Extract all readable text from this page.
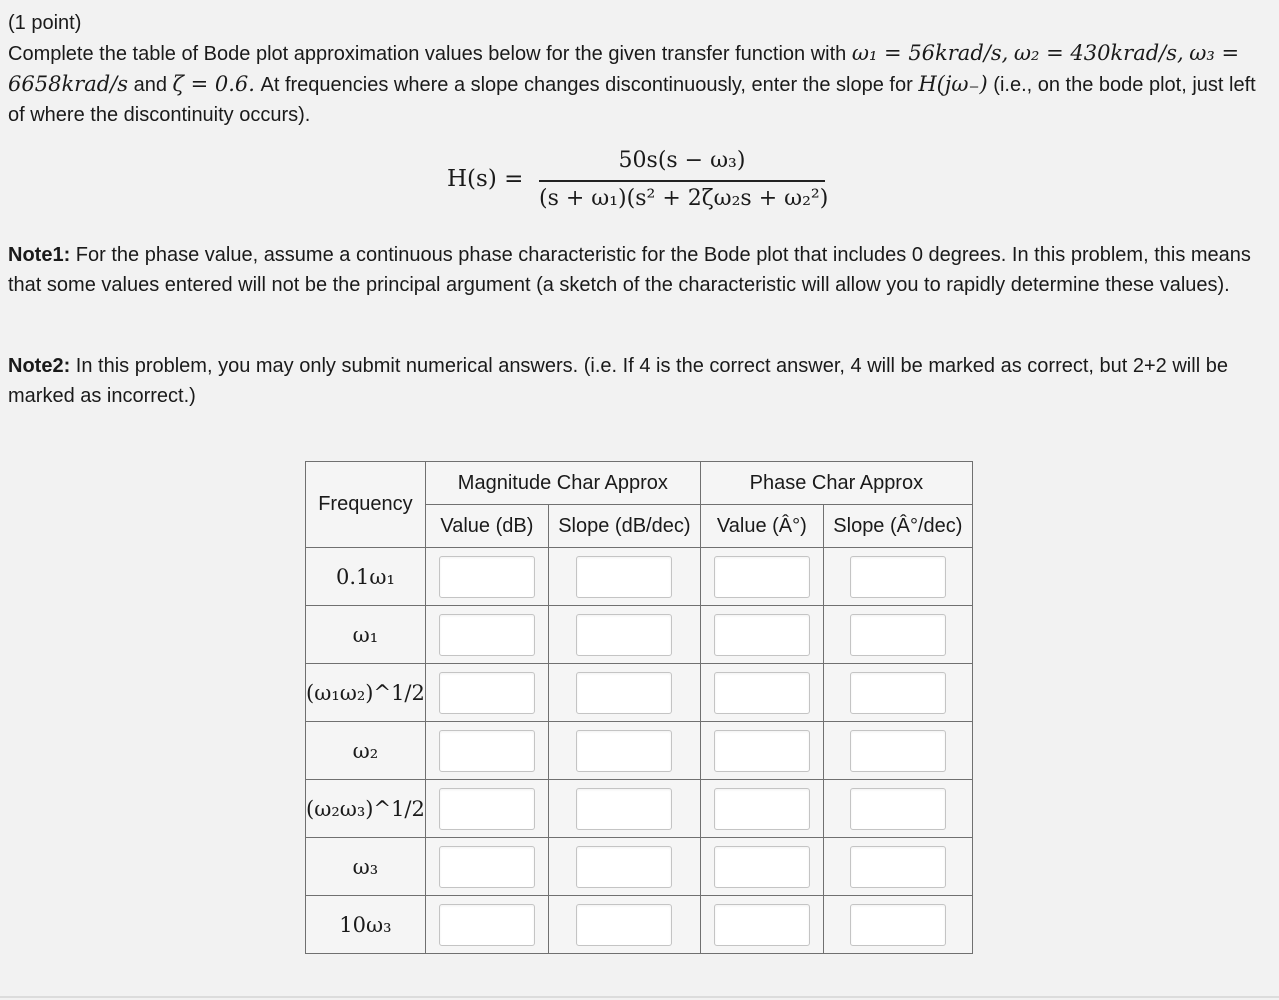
(1 point)
Complete the table of Bode plot approximation values below for the given transfer function with ω₁ = 56krad/s, ω₂ = 430krad/s, ω₃ = 6658krad/s and ζ = 0.6. At frequencies where a slope changes discontinuously, enter the slope for H(jω₋) (i.e., on the bode plot, just left of where the discontinuity occurs).
H(s) =
50s(s − ω₃)
(s + ω₁)(s² + 2ζω₂s + ω₂²)
Note1: For the phase value, assume a continuous phase characteristic for the Bode plot that includes 0 degrees. In this problem, this means that some values entered will not be the principal argument (a sketch of the characteristic will allow you to rapidly determine these values).
Note2: In this problem, you may only submit numerical answers. (i.e. If 4 is the correct answer, 4 will be marked as correct, but 2+2 will be marked as incorrect.)
Frequency	Magnitude Char Approx		Phase Char Approx	
	Value (dB)	Slope (dB/dec)	Value (Â°)	Slope (Â°/dec)
0.1ω₁				
ω₁				
(ω₁ω₂)^1/2				
ω₂				
(ω₂ω₃)^1/2				
ω₃				
10ω₃				
